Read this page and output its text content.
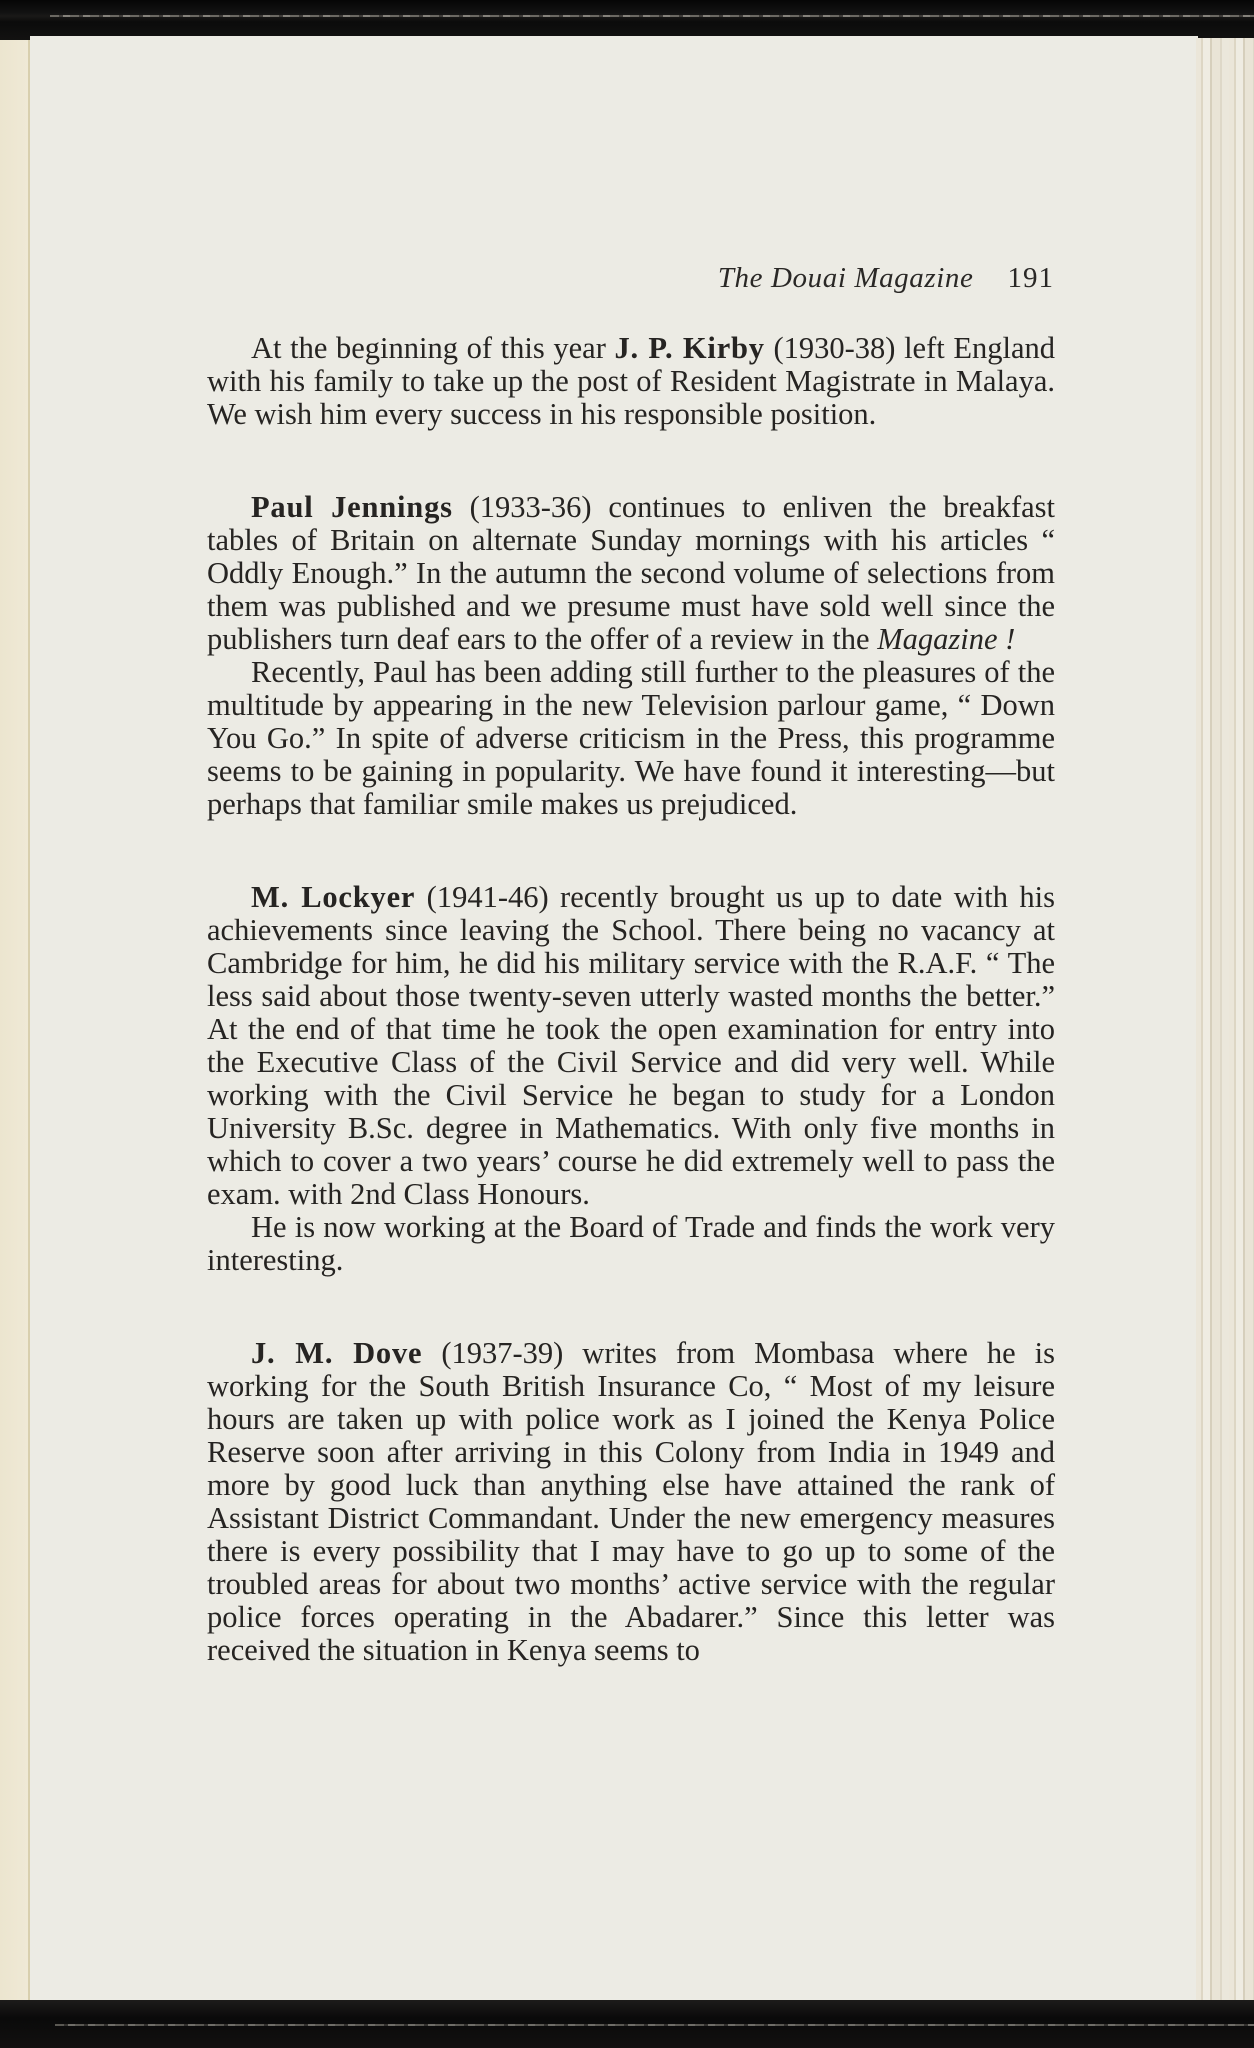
The Douai Magazine 191

At the beginning of this year J. P. Kirby (1930-38) left England with his family to take up the post of Resident Magistrate in Malaya. We wish him every success in his responsible position.

Paul Jennings (1933-36) continues to enliven the breakfast tables of Britain on alternate Sunday mornings with his articles “ Oddly Enough.” In the autumn the second volume of selections from them was published and we presume must have sold well since the publishers turn deaf ears to the offer of a review in the Magazine !

Recently, Paul has been adding still further to the pleasures of the multitude by appearing in the new Television parlour game, “ Down You Go.” In spite of adverse criticism in the Press, this programme seems to be gaining in popularity. We have found it interesting—but perhaps that familiar smile makes us prejudiced.

M. Lockyer (1941-46) recently brought us up to date with his achievements since leaving the School. There being no vacancy at Cambridge for him, he did his military service with the R.A.F. “ The less said about those twenty-seven utterly wasted months the better.” At the end of that time he took the open examination for entry into the Executive Class of the Civil Service and did very well. While working with the Civil Service he began to study for a London University B.Sc. degree in Mathematics. With only five months in which to cover a two years’ course he did extremely well to pass the exam. with 2nd Class Honours.

He is now working at the Board of Trade and finds the work very interesting.

J. M. Dove (1937-39) writes from Mombasa where he is working for the South British Insurance Co, “ Most of my leisure hours are taken up with police work as I joined the Kenya Police Reserve soon after arriving in this Colony from India in 1949 and more by good luck than anything else have attained the rank of Assistant District Commandant. Under the new emergency measures there is every possibility that I may have to go up to some of the troubled areas for about two months’ active service with the regular police forces operating in the Abadarer.” Since this letter was received the situation in Kenya seems to
